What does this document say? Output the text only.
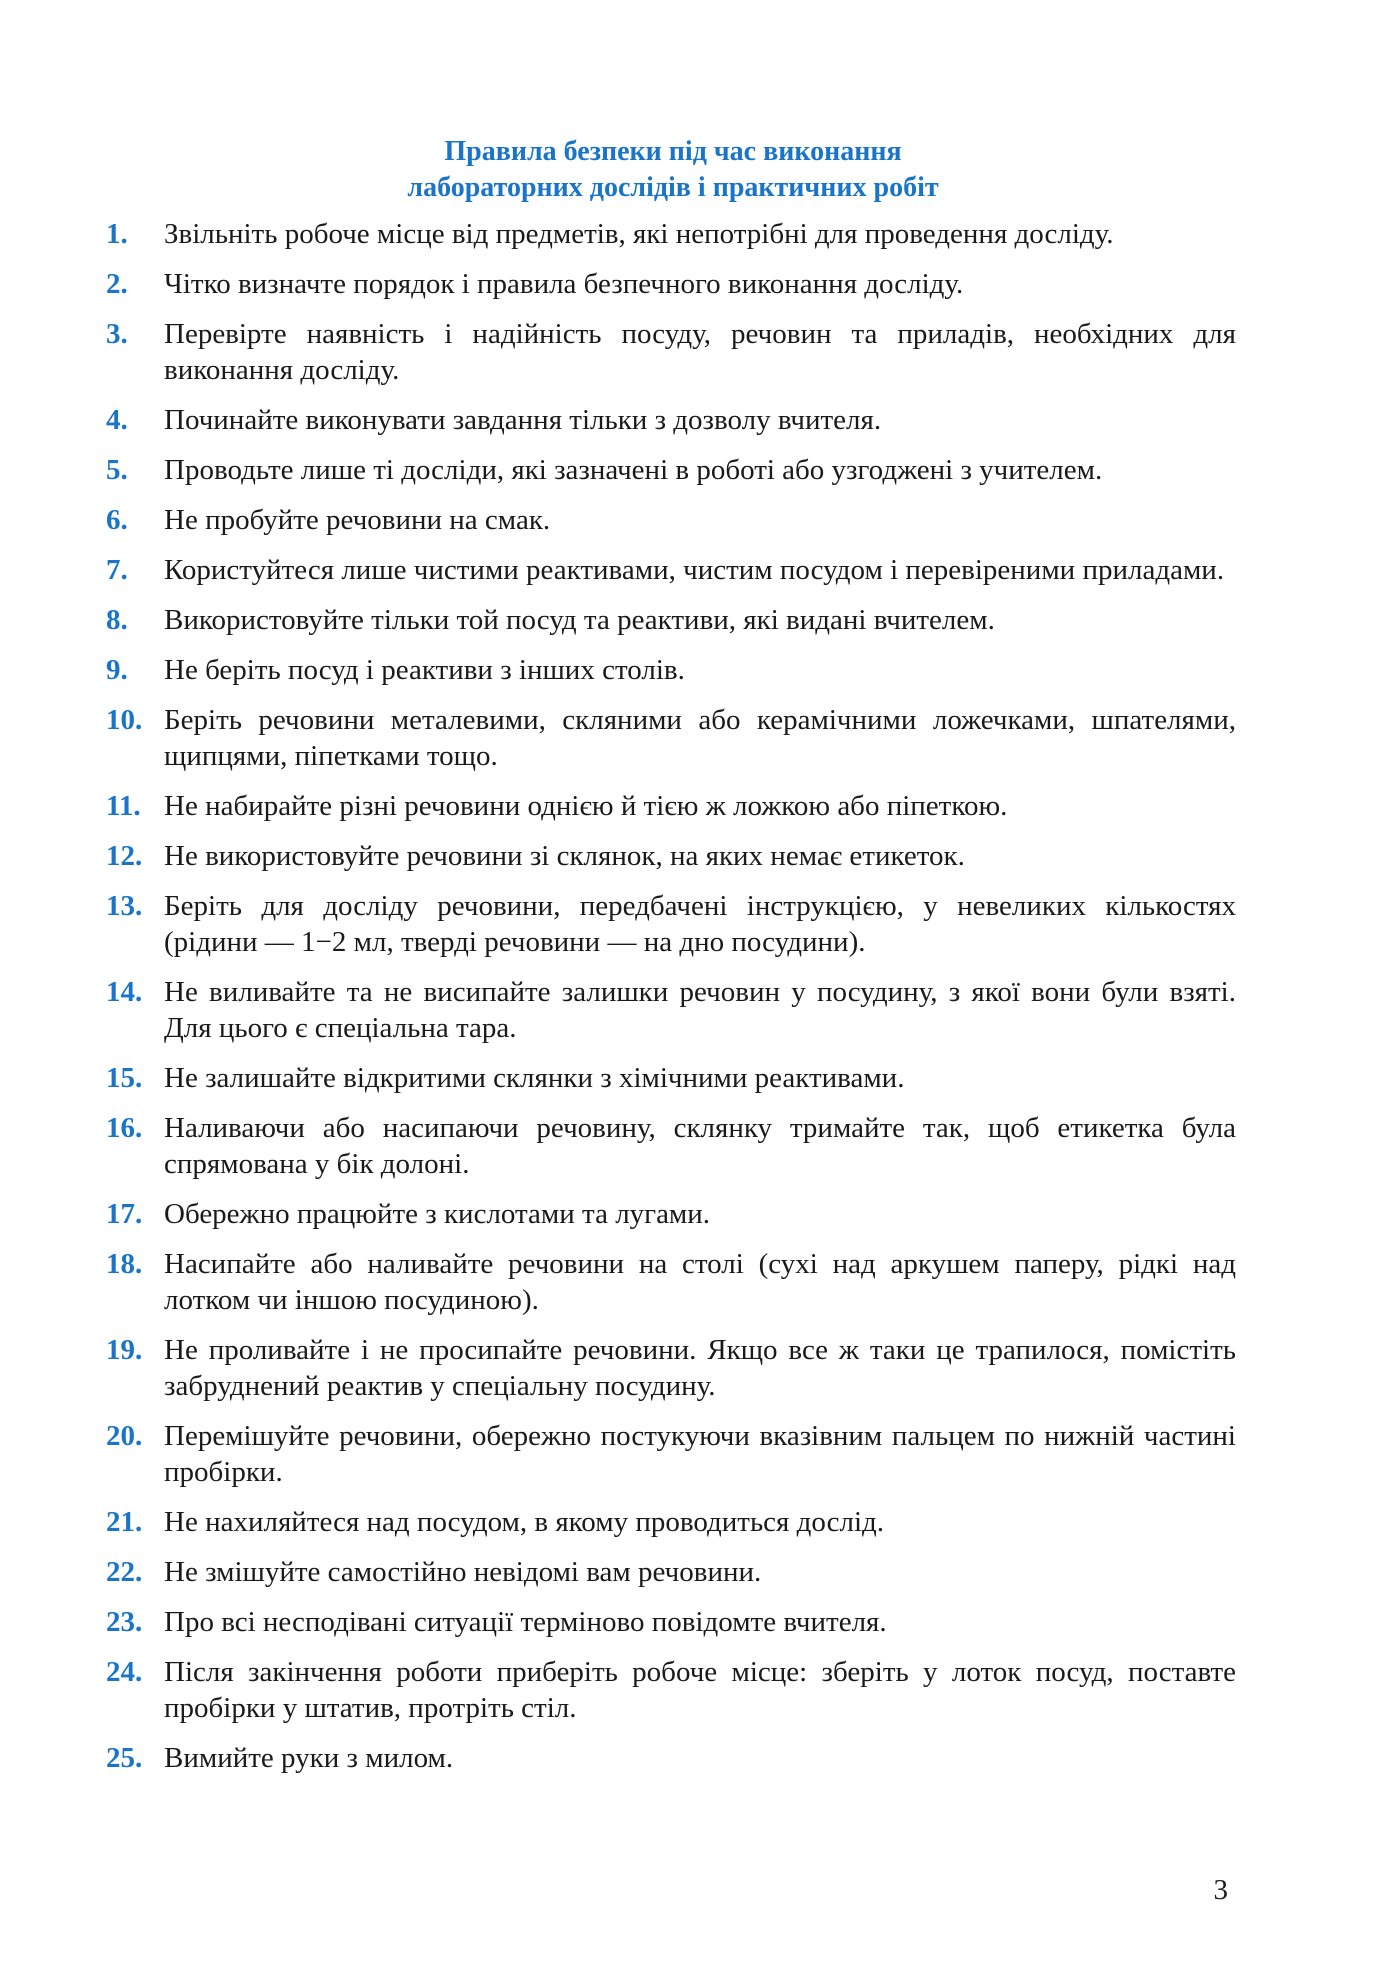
Правила безпеки під час виконання
лабораторних дослідів і практичних робіт
1.	Звільніть робоче місце від предметів, які непотрібні для проведення досліду.
2.	Чітко визначте порядок і правила безпечного виконання досліду.
3.	Перевірте наявність і надійність посуду, речовин та приладів, необхідних для виконання досліду.
4.	Починайте виконувати завдання тільки з дозволу вчителя.
5.	Проводьте лише ті досліди, які зазначені в роботі або узгоджені з учителем.
6.	Не пробуйте речовини на смак.
7.	Користуйтеся лише чистими реактивами, чистим посудом і перевіреними приладами.
8.	Використовуйте тільки той посуд та реактиви, які видані вчителем.
9.	Не беріть посуд і реактиви з інших столів.
10. Беріть речовини металевими, скляними або керамічними ложечками, шпателями, щипцями, піпетками тощо.
11. Не набирайте різні речовини однією й тією ж ложкою або піпеткою.
12. Не використовуйте речовини зі склянок, на яких немає етикеток.
13. Беріть для досліду речовини, передбачені інструкцією, у невеликих кількостях (рідини — 1−2 мл, тверді речовини — на дно посудини).
14. Не виливайте та не висипайте залишки речовин у посудину, з якої вони були взяті. Для цього є спеціальна тара.
15. Не залишайте відкритими склянки з хімічними реактивами.
16. Наливаючи або насипаючи речовину, склянку тримайте так, щоб етикетка була спрямована у бік долоні.
17. Обережно працюйте з кислотами та лугами.
18. Насипайте або наливайте речовини на столі (сухі над аркушем паперу, рідкі над лотком чи іншою посудиною).
19. Не проливайте і не просипайте речовини. Якщо все ж таки це трапилося, помістіть забруднений реактив у спеціальну посудину.
20. Перемішуйте речовини, обережно постукуючи вказівним пальцем по нижній частині пробірки.
21. Не нахиляйтеся над посудом, в якому проводиться дослід.
22. Не змішуйте самостійно невідомі вам речовини.
23. Про всі несподівані ситуації терміново повідомте вчителя.
24. Після закінчення роботи приберіть робоче місце: зберіть у лоток посуд, поставте пробірки у штатив, протріть стіл.
25. Вимийте руки з милом.
3
